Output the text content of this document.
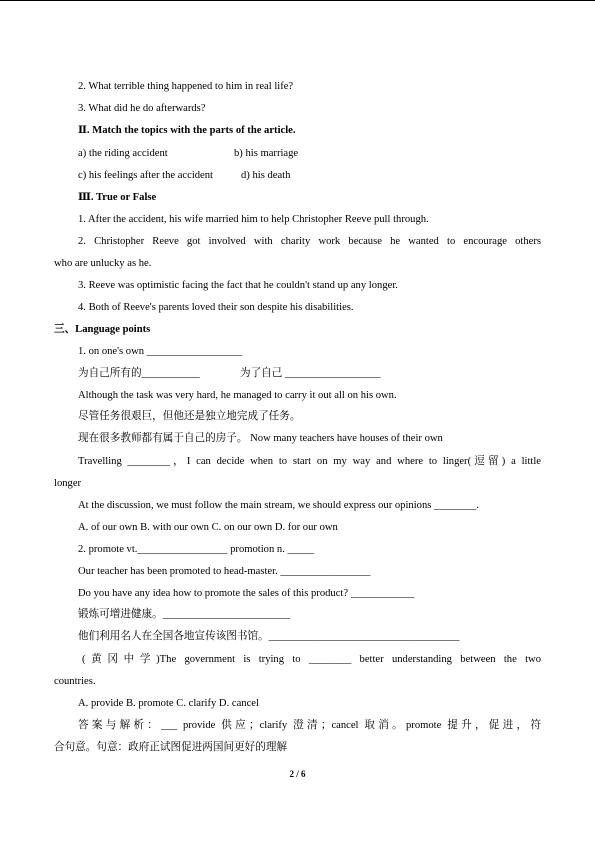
2. What terrible thing happened to him in real life?
3. What did he do afterwards?
Ⅱ. Match the topics with the parts of the article.
a) the riding accident	b) his marriage
c) his feelings after the accident	d) his death
Ⅲ. True or False
1. After the accident, his wife married him to help Christopher Reeve pull through.
2. Christopher Reeve got involved with charity work because he wanted to encourage others
who are unlucky as he.
3. Reeve was optimistic facing the fact that he couldn't stand up any longer.
4. Both of Reeve's parents loved their son despite his disabilities.
三、Language points
1. on one's own __________________
为自己所有的___________	为了自己 __________________
Although the task was very hard, he managed to carry it out all on his own.
尽管任务很艰巨，但他还是独立地完成了任务。
现在很多教师都有属于自己的房子。 Now many teachers have houses of their own
Travelling ________，I can decide when to start on my way and where to linger(逗留) a little
longer
At the discussion, we must follow the main stream, we should express our opinions ________.
A. of our own B. with our own C. on our own D. for our own
2. promote vt._________________ promotion n. _____
Our teacher has been promoted to head-master. _________________
Do you have any idea how to promote the sales of this product? ____________
锻炼可增进健康。________________________
他们利用名人在全国各地宣传该图书馆。____________________________________
(黄冈中学)The government is trying to ________ better understanding between the two
countries.
A. provide B. promote C. clarify D. cancel
答案与解析：___ provide 供应；clarify 澄清；cancel 取消。promote 提升，促进，符
合句意。句意：政府正试图促进两国间更好的理解
2 / 6
